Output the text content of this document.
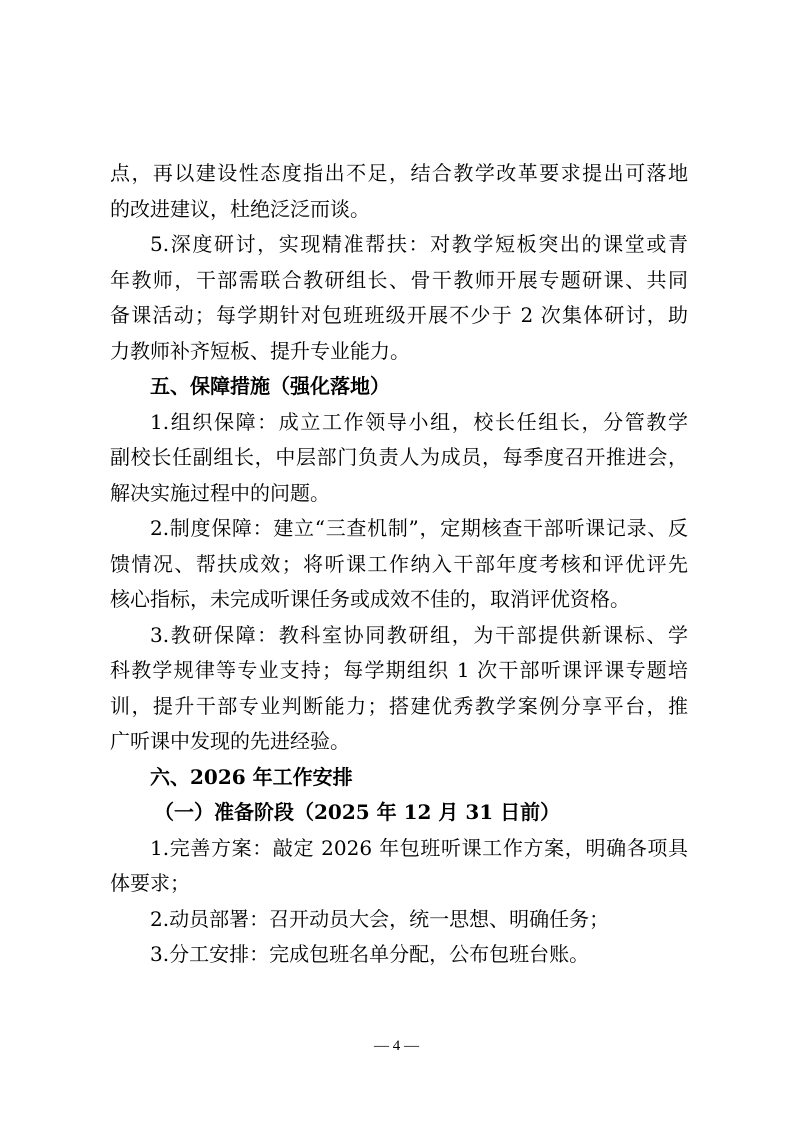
点，再以建设性态度指出不足，结合教学改革要求提出可落地
的改进建议，杜绝泛泛而谈。
5.深度研讨，实现精准帮扶：对教学短板突出的课堂或青
年教师，干部需联合教研组长、骨干教师开展专题研课、共同
备课活动；每学期针对包班班级开展不少于 2 次集体研讨，助
力教师补齐短板、提升专业能力。
五、保障措施（强化落地）
1.组织保障：成立工作领导小组，校长任组长，分管教学
副校长任副组长，中层部门负责人为成员，每季度召开推进会，
解决实施过程中的问题。
2.制度保障：建立“三查机制”，定期核查干部听课记录、反
馈情况、帮扶成效；将听课工作纳入干部年度考核和评优评先
核心指标，未完成听课任务或成效不佳的，取消评优资格。
3.教研保障：教科室协同教研组，为干部提供新课标、学
科教学规律等专业支持；每学期组织 1 次干部听课评课专题培
训，提升干部专业判断能力；搭建优秀教学案例分享平台，推
广听课中发现的先进经验。
六、2026 年工作安排
（一）准备阶段（2025 年 12 月 31 日前）
1.完善方案：敲定 2026 年包班听课工作方案，明确各项具
体要求；
2.动员部署：召开动员大会，统一思想、明确任务；
3.分工安排：完成包班名单分配，公布包班台账。
— 4 —
